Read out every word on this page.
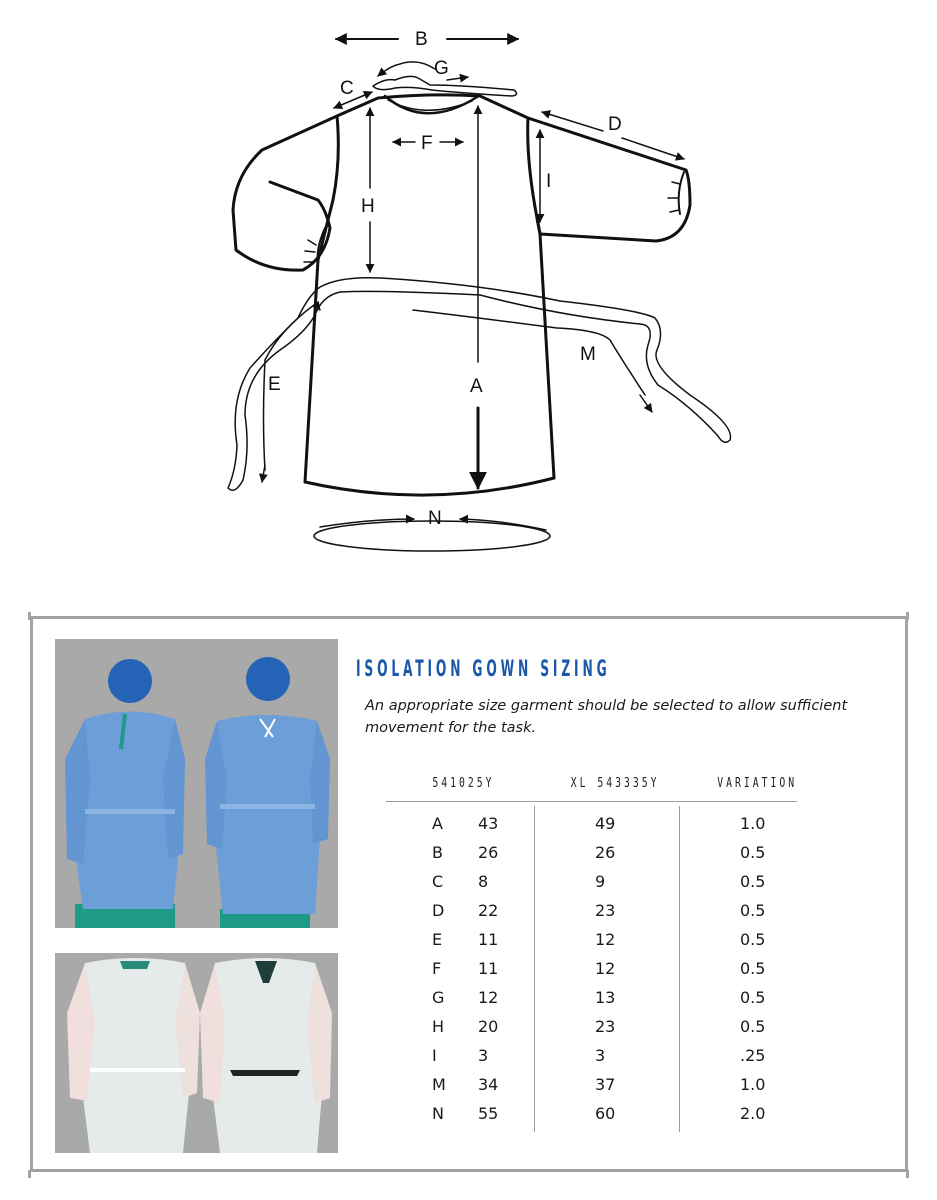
B
G
C
F
D
I
H
A
E
M
N
ISOLATION GOWN SIZING
An appropriate size garment should be selected to allow sufficient movement for the task.
541025Y	XL 543335Y	VARIATION
A 43	49	1.0
B 26	26	0.5
C 8	9	0.5
D 22	23	0.5
E 11	12	0.5
F 11	12	0.5
G 12	13	0.5
H 20	23	0.5
I	3	3	.25
M 34	37	1.0
N 55	60	2.0
